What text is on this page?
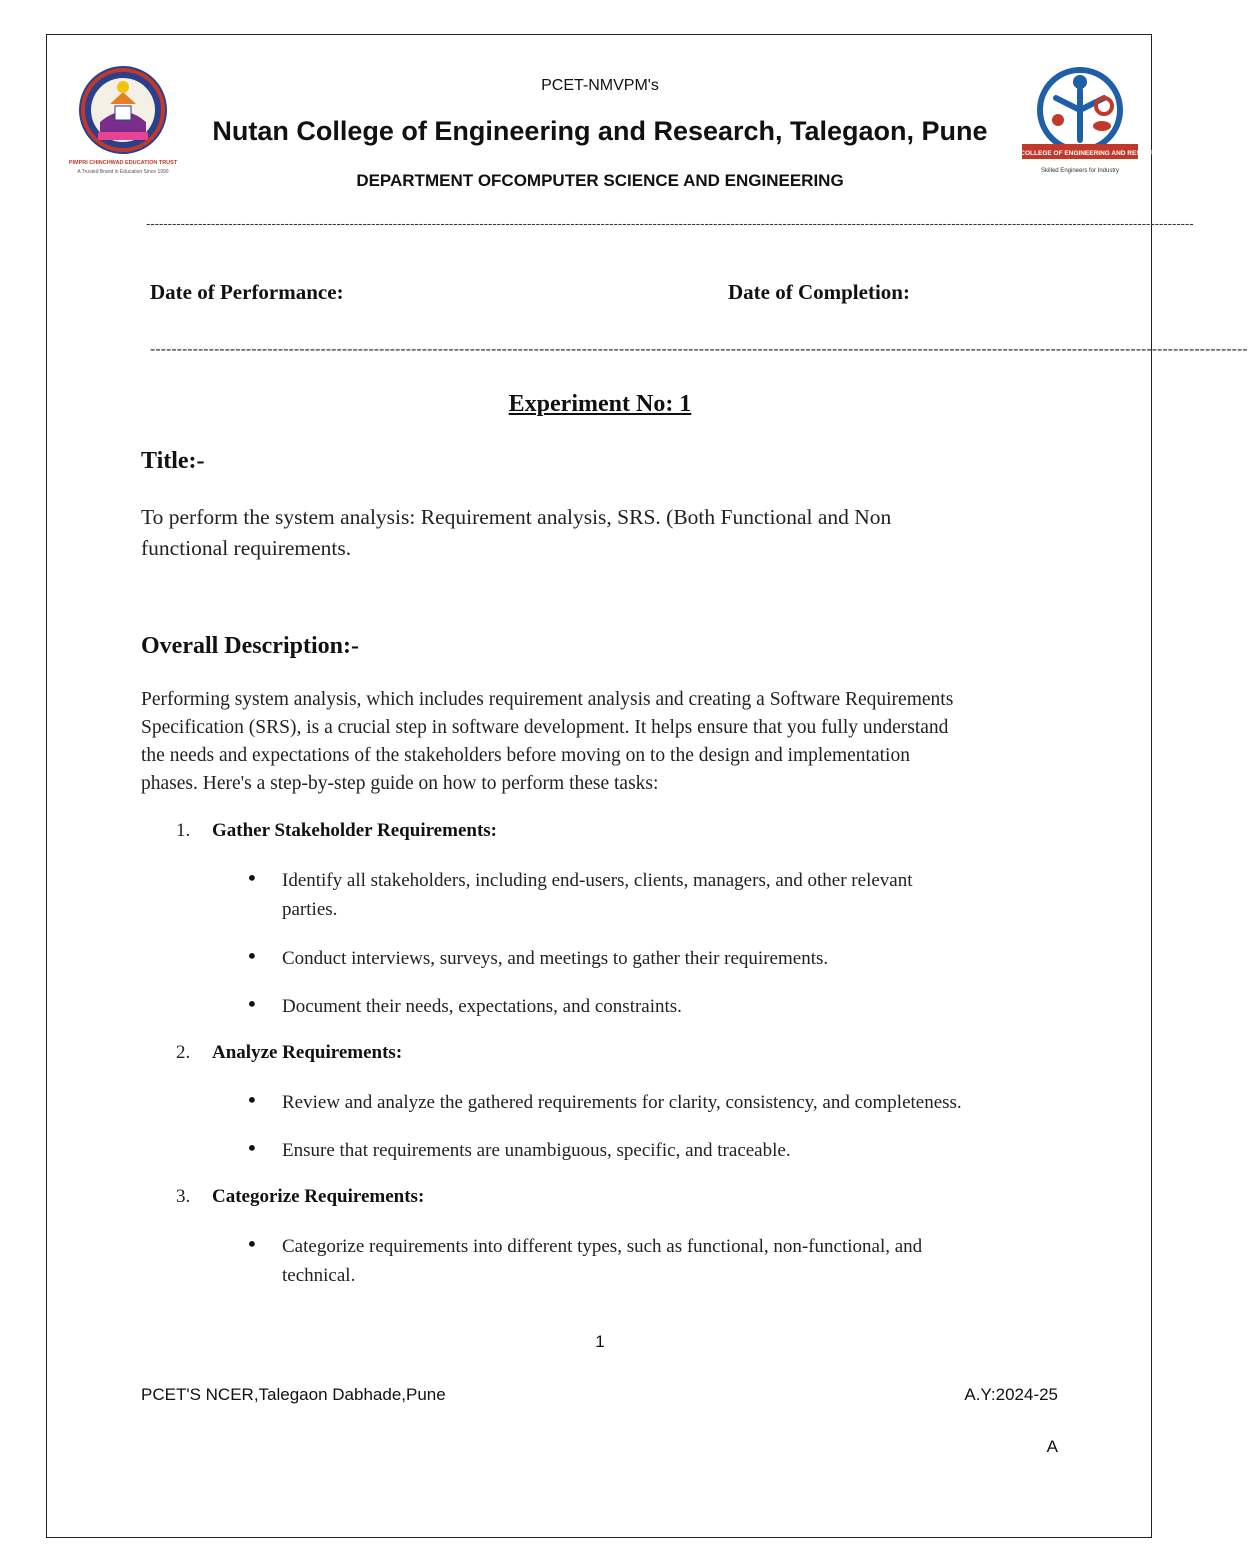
PIMPRI CHINCHWAD EDUCATION TRUST
A Trusted Brand in Education Since 1990
NUTAN COLLEGE OF ENGINEERING AND RESEARCH
Skilled Engineers for Industry
PCET-NMVPM's
Nutan College of Engineering and Research, Talegaon, Pune
DEPARTMENT OFCOMPUTER SCIENCE AND ENGINEERING
--------------------------------------------------------------------------------------------------------------------------------------------------------------------------------------------------------------------------------------------------
Date of Performance:	Date of Completion:
--------------------------------------------------------------------------------------------------------------------------------------------------------------------------------------------------------------
Experiment No: 1
Title:-
To perform the system analysis: Requirement analysis, SRS. (Both Functional and Non
functional requirements.
Overall Description:-
Performing system analysis, which includes requirement analysis and creating a Software Requirements
Specification (SRS), is a crucial step in software development. It helps ensure that you fully understand
the needs and expectations of the stakeholders before moving on to the design and implementation
phases. Here's a step-by-step guide on how to perform these tasks:
1. Gather Stakeholder Requirements:
• Identify all stakeholders, including end-users, clients, managers, and other relevant
parties.
• Conduct interviews, surveys, and meetings to gather their requirements.
• Document their needs, expectations, and constraints.
2. Analyze Requirements:
• Review and analyze the gathered requirements for clarity, consistency, and completeness.
• Ensure that requirements are unambiguous, specific, and traceable.
3. Categorize Requirements:
• Categorize requirements into different types, such as functional, non-functional, and
technical.
1
PCET'S NCER,Talegaon Dabhade,Pune	A.Y:2024-25
A
